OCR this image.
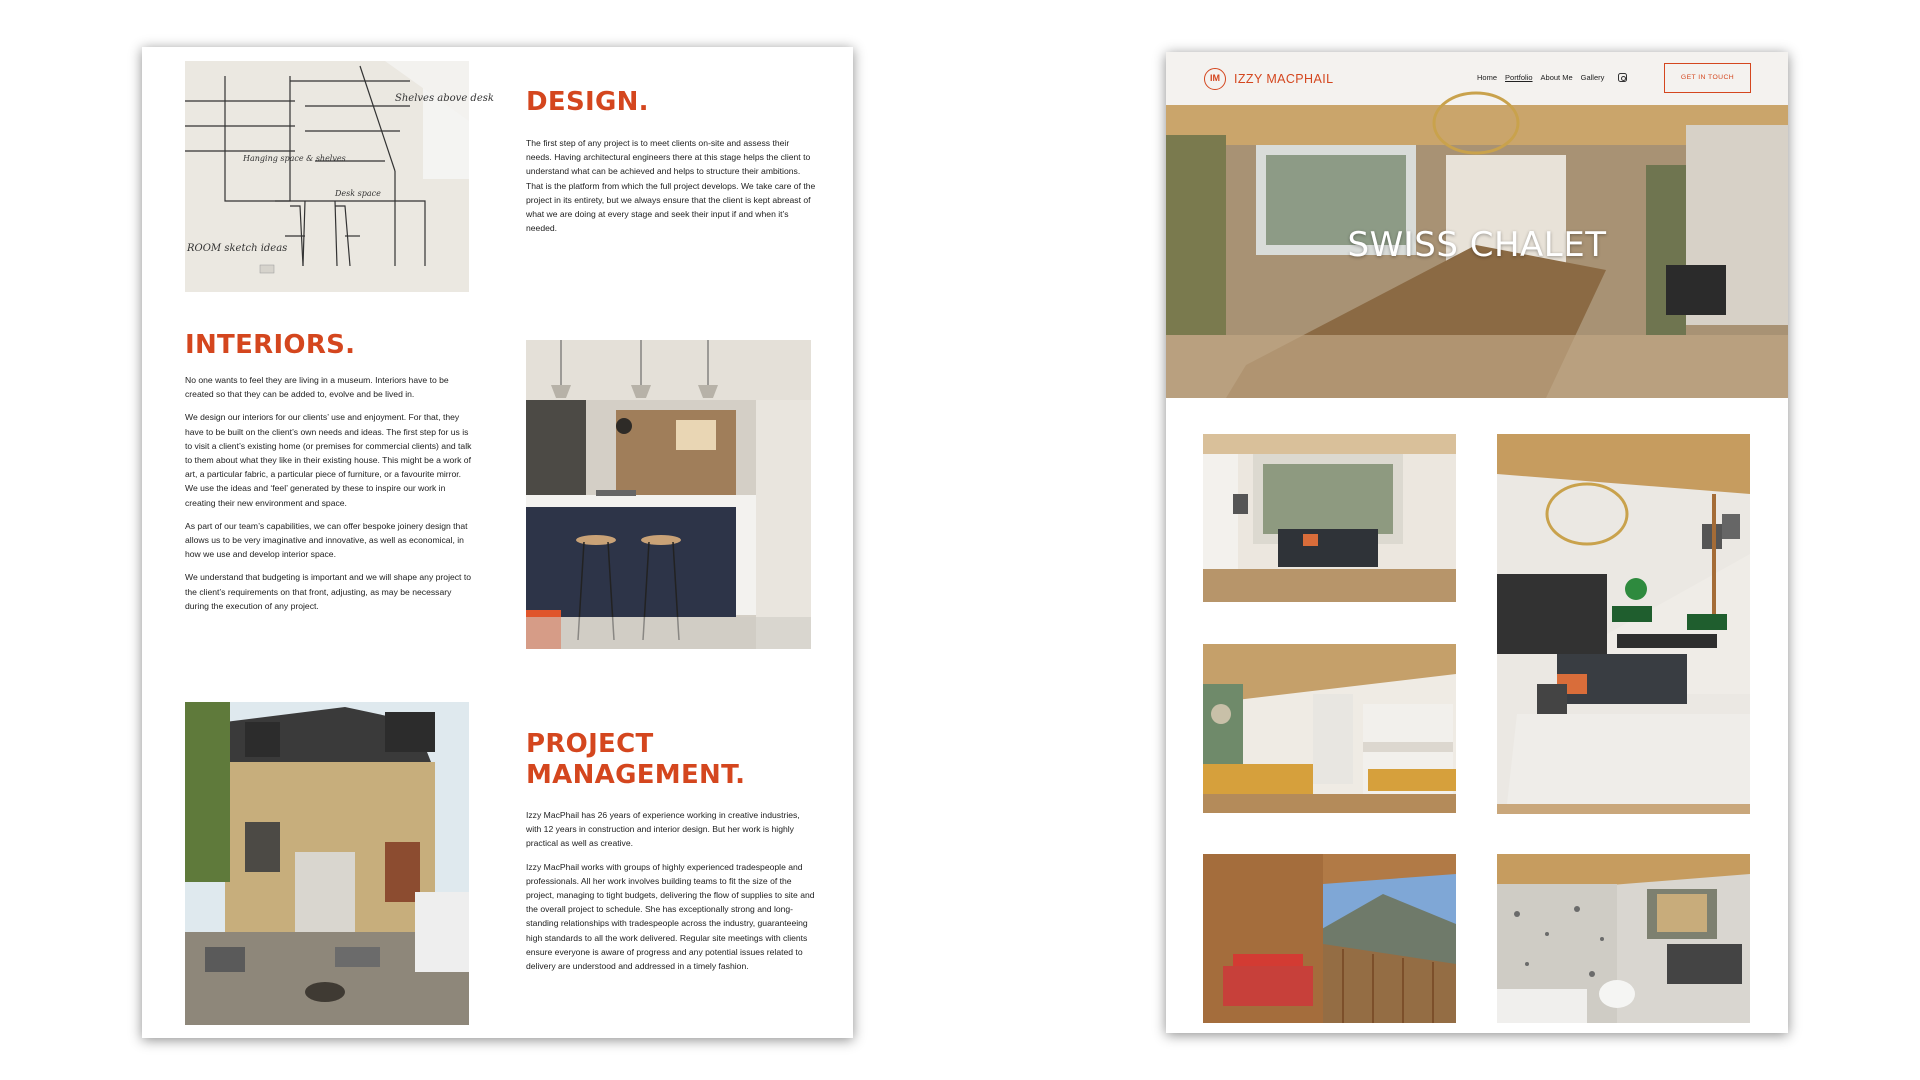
Shelves above desk
Hanging space & shelves
Desk space
ROOM sketch ideas
DESIGN.

The first step of any project is to meet clients on-site and assess their needs. Having architectural engineers there at this stage helps the client to understand what can be achieved and helps to structure their ambitions. That is the platform from which the full project develops. We take care of the project in its entirety, but we always ensure that the client is kept abreast of what we are doing at every stage and seek their input if and when it’s needed.

INTERIORS.

No one wants to feel they are living in a museum. Interiors have to be created so that they can be added to, evolve and be lived in.

We design our interiors for our clients’ use and enjoyment. For that, they have to be built on the client’s own needs and ideas. The first step for us is to visit a client’s existing home (or premises for commercial clients) and talk to them about what they like in their existing house. This might be a work of art, a particular fabric, a particular piece of furniture, or a favourite mirror. We use the ideas and ‘feel’ generated by these to inspire our work in creating their new environment and space.

As part of our team’s capabilities, we can offer bespoke joinery design that allows us to be very imaginative and innovative, as well as economical, in how we use and develop interior space.

We understand that budgeting is important and we will shape any project to the client’s requirements on that front, adjusting, as may be necessary during the execution of any project.

PROJECT
MANAGEMENT.

Izzy MacPhail has 26 years of experience working in creative industries, with 12 years in construction and interior design. But her work is highly practical as well as creative.

Izzy MacPhail works with groups of highly experienced tradespeople and professionals. All her work involves building teams to fit the size of the project, managing to tight budgets, delivering the flow of supplies to site and the overall project to schedule. She has exceptionally strong and long-standing relationships with tradespeople across the industry, guaranteeing high standards to all the work delivered. Regular site meetings with clients ensure everyone is aware of progress and any potential issues related to delivery are understood and addressed in a timely fashion.

IM	IZZY MACPHAIL	Home Portfolio About Me Gallery	GET IN TOUCH
SWISS CHALET
